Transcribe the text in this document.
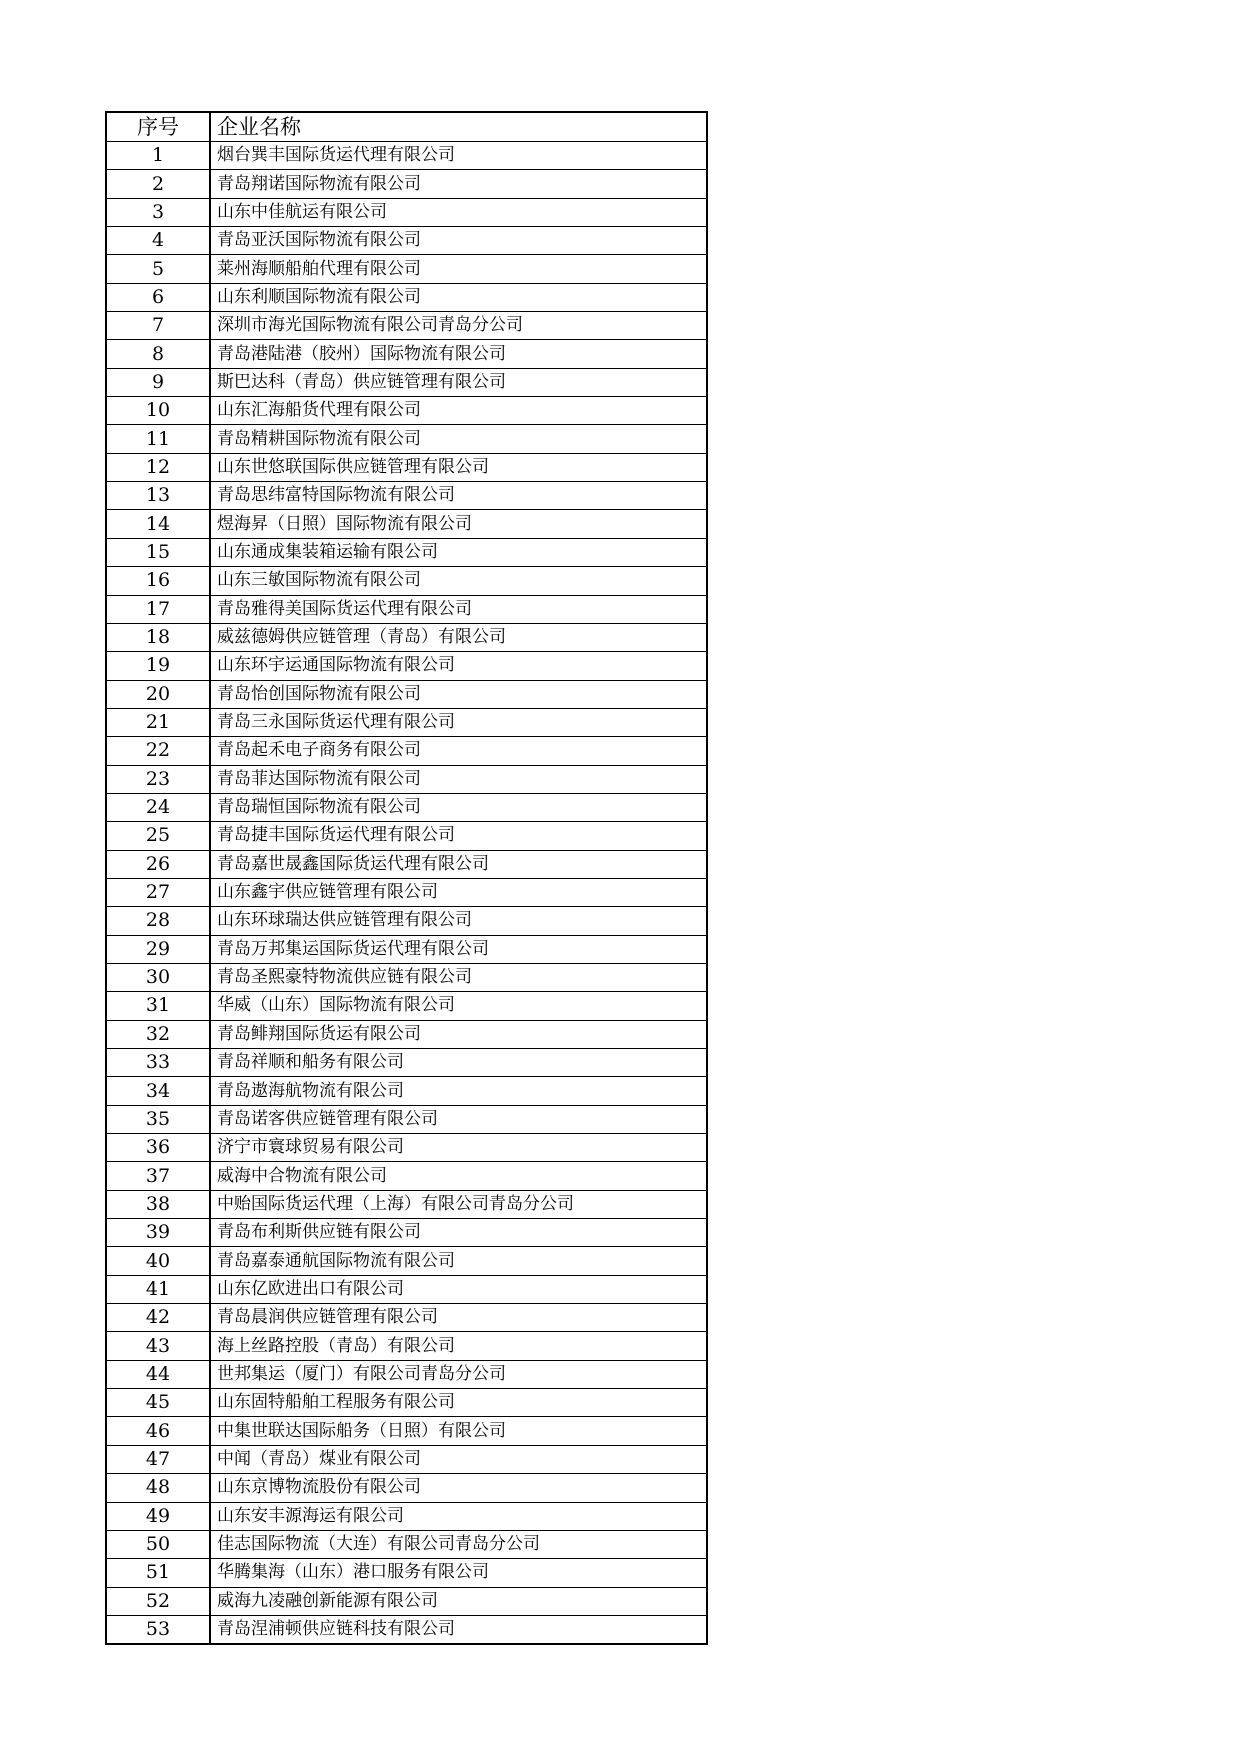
序号	企业名称
1	烟台巽丰国际货运代理有限公司
2	青岛翔诺国际物流有限公司
3	山东中佳航运有限公司
4	青岛亚沃国际物流有限公司
5	莱州海顺船舶代理有限公司
6	山东利顺国际物流有限公司
7	深圳市海光国际物流有限公司青岛分公司
8	青岛港陆港（胶州）国际物流有限公司
9	斯巴达科（青岛）供应链管理有限公司
10	山东汇海船货代理有限公司
11	青岛精耕国际物流有限公司
12	山东世悠联国际供应链管理有限公司
13	青岛思纬富特国际物流有限公司
14	煜海昇（日照）国际物流有限公司
15	山东通成集装箱运输有限公司
16	山东三敏国际物流有限公司
17	青岛雅得美国际货运代理有限公司
18	威兹德姆供应链管理（青岛）有限公司
19	山东环宇运通国际物流有限公司
20	青岛怡创国际物流有限公司
21	青岛三永国际货运代理有限公司
22	青岛起禾电子商务有限公司
23	青岛菲达国际物流有限公司
24	青岛瑞恒国际物流有限公司
25	青岛捷丰国际货运代理有限公司
26	青岛嘉世晟鑫国际货运代理有限公司
27	山东鑫宇供应链管理有限公司
28	山东环球瑞达供应链管理有限公司
29	青岛万邦集运国际货运代理有限公司
30	青岛圣熙豪特物流供应链有限公司
31	华威（山东）国际物流有限公司
32	青岛鲱翔国际货运有限公司
33	青岛祥顺和船务有限公司
34	青岛遨海航物流有限公司
35	青岛诺客供应链管理有限公司
36	济宁市寰球贸易有限公司
37	威海中合物流有限公司
38	中贻国际货运代理（上海）有限公司青岛分公司
39	青岛布利斯供应链有限公司
40	青岛嘉泰通航国际物流有限公司
41	山东亿欧进出口有限公司
42	青岛晨润供应链管理有限公司
43	海上丝路控股（青岛）有限公司
44	世邦集运（厦门）有限公司青岛分公司
45	山东固特船舶工程服务有限公司
46	中集世联达国际船务（日照）有限公司
47	中闻（青岛）煤业有限公司
48	山东京博物流股份有限公司
49	山东安丰源海运有限公司
50	佳志国际物流（大连）有限公司青岛分公司
51	华腾集海（山东）港口服务有限公司
52	威海九凌融创新能源有限公司
53	青岛涅浦顿供应链科技有限公司
